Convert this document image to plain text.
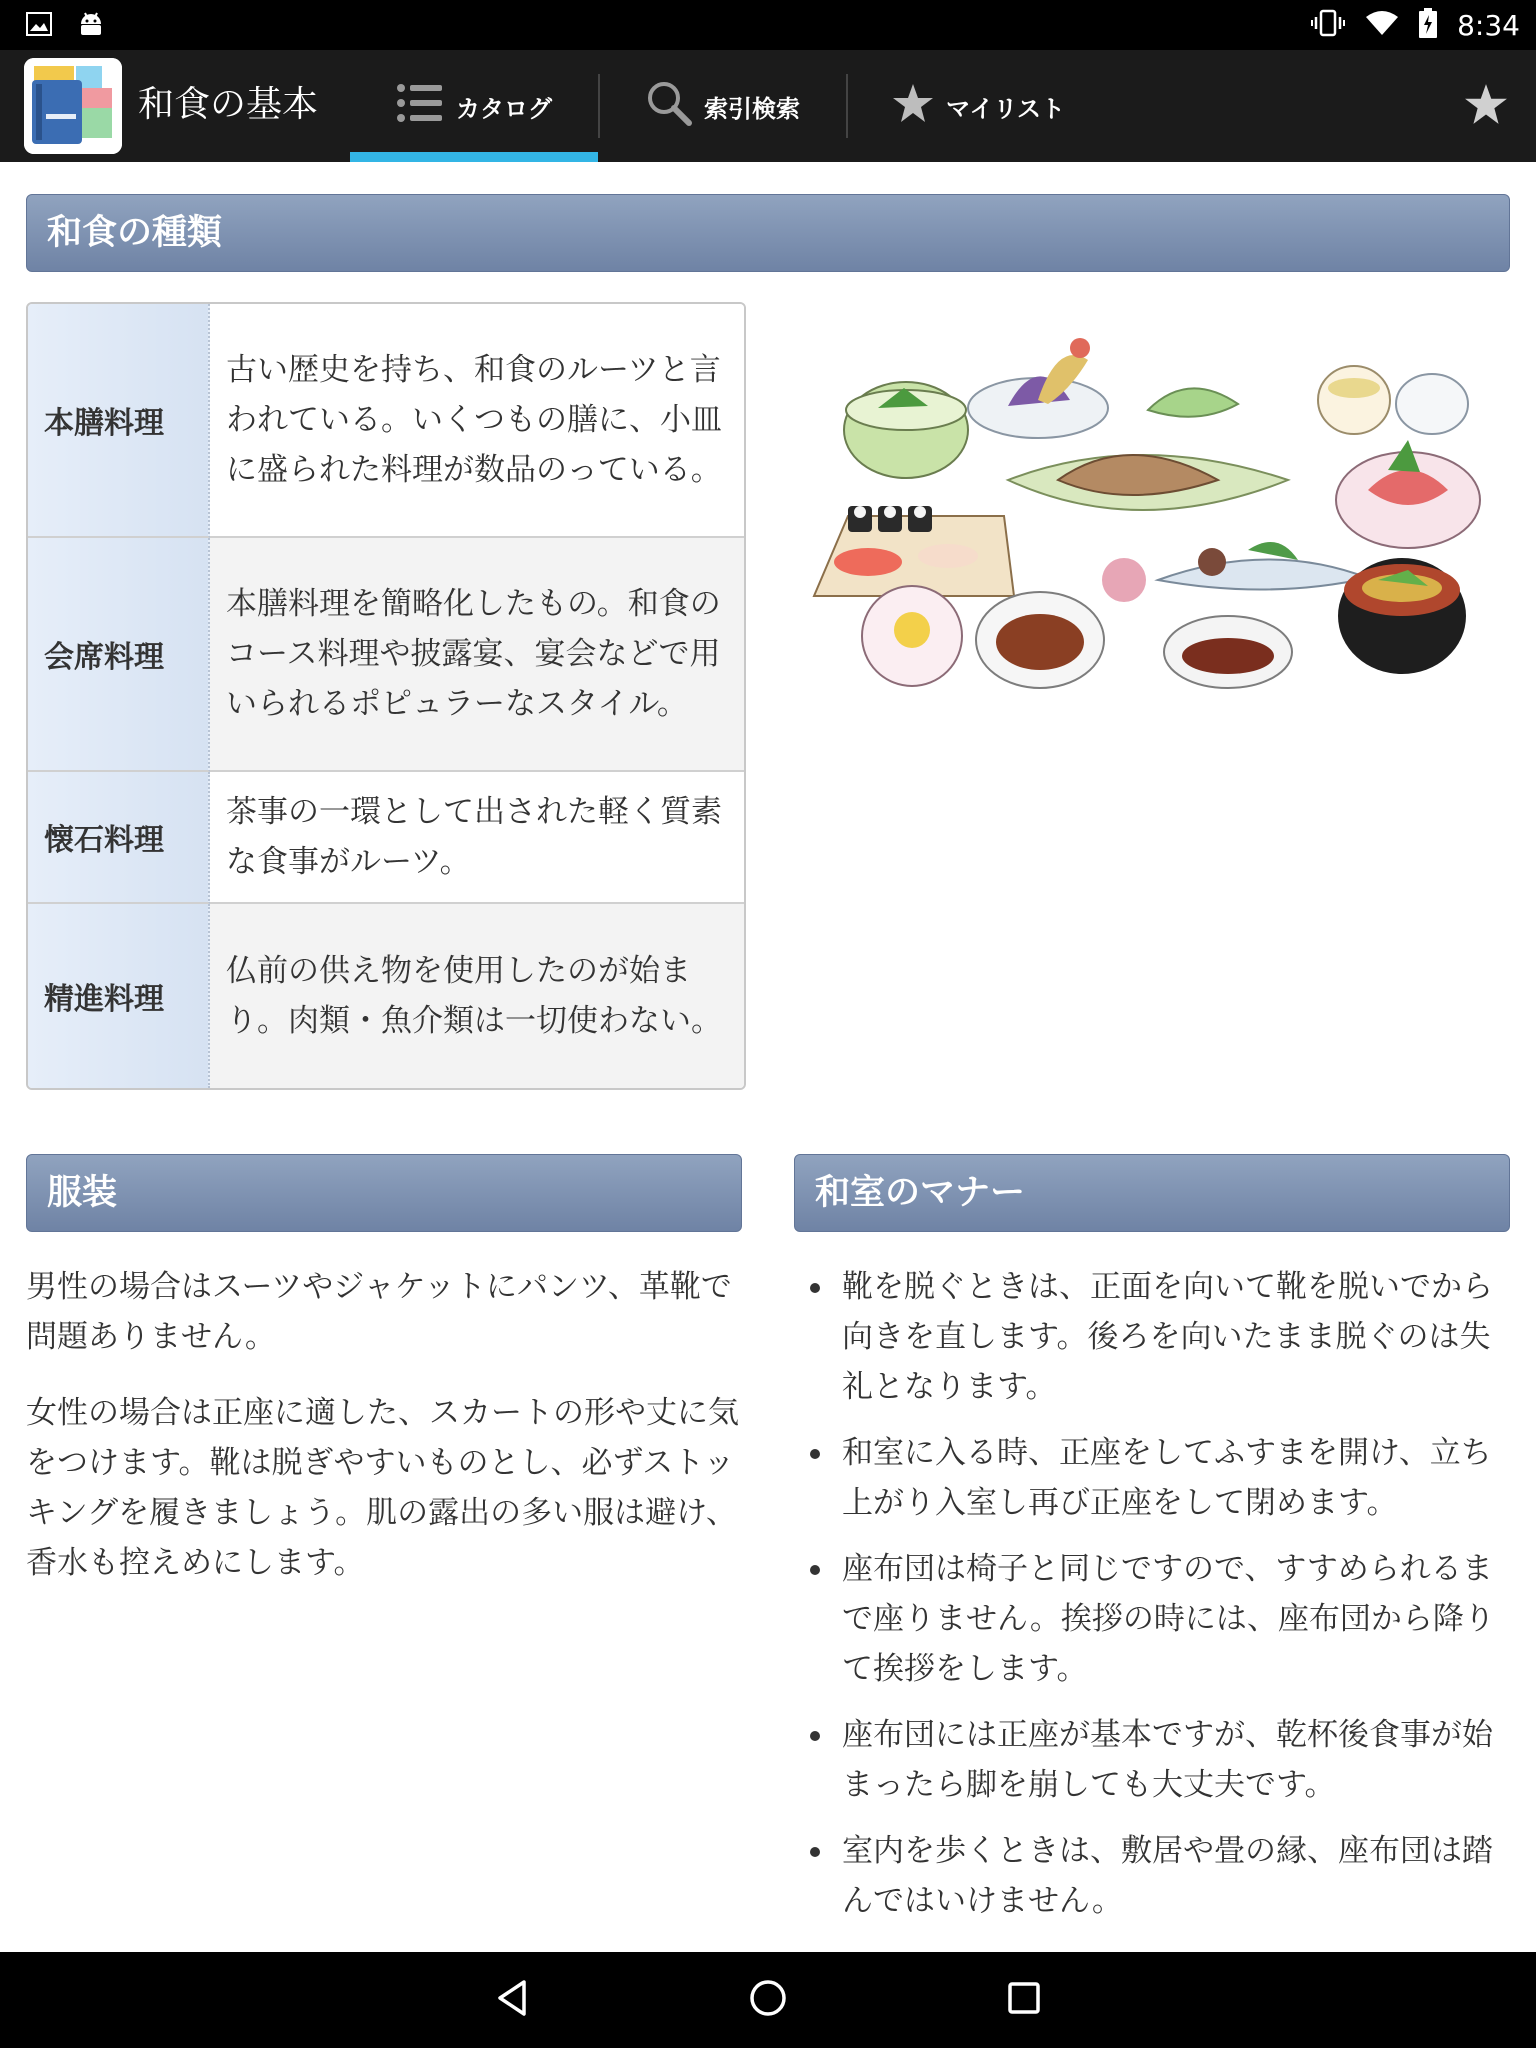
8:34
和食の基本	カタログ	索引検索	マイリスト
和食の種類
本膳料理	古い歴史を持ち、和食のルーツと言われている。いくつもの膳に、小皿に盛られた料理が数品のっている。
会席料理	本膳料理を簡略化したもの。和食のコース料理や披露宴、宴会などで用いられるポピュラーなスタイル。
懐石料理	茶事の一環として出された軽く質素な食事がルーツ。
精進料理	仏前の供え物を使用したのが始まり。肉類・魚介類は一切使わない。
服装

男性の場合はスーツやジャケットにパンツ、革靴で問題ありません。

女性の場合は正座に適した、スカートの形や丈に気をつけます。靴は脱ぎやすいものとし、必ずストッキングを履きましょう。肌の露出の多い服は避け、香水も控えめにします。

和室のマナー
靴を脱ぐときは、正面を向いて靴を脱いでから向きを直します。後ろを向いたまま脱ぐのは失礼となります。
和室に入る時、正座をしてふすまを開け、立ち上がり入室し再び正座をして閉めます。
座布団は椅子と同じですので、すすめられるまで座りません。挨拶の時には、座布団から降りて挨拶をします。
座布団には正座が基本ですが、乾杯後食事が始まったら脚を崩しても大丈夫です。
室内を歩くときは、敷居や畳の縁、座布団は踏んではいけません。
